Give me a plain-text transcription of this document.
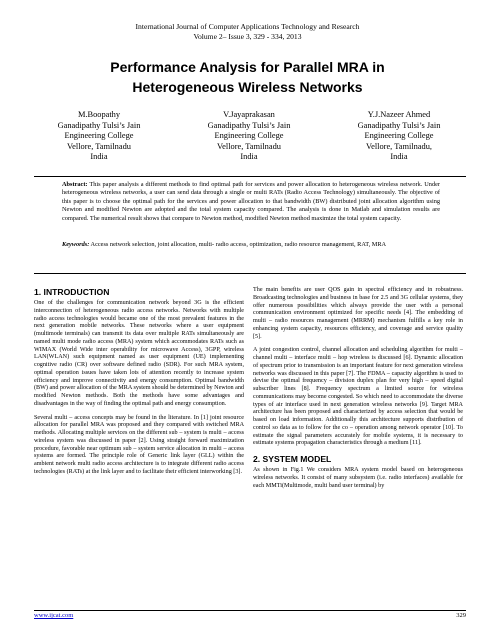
International Journal of Computer Applications Technology and Research
Volume 2– Issue 3, 329 - 334, 2013
Performance Analysis for Parallel MRA in
Heterogeneous Wireless Networks
M.Boopathy
Ganadipathy Tulsi’s Jain
Engineering College
Vellore, Tamilnadu
India
V.Jayaprakasan
Ganadipathy Tulsi’s Jain
Engineering College
Vellore, Tamilnadu
India
Y.J.Nazeer Ahmed
Ganadipathy Tulsi’s Jain
Engineering College
Vellore, Tamilnadu,
India
Abstract: This paper analysis a different methods to find optimal path for services and power allocation to heterogeneous wireless network. Under heterogeneous wireless networks, a user can send data through a single or multi RATs (Radio Access Technology) simultaneously. The objective of this paper is to choose the optimal path for the services and power allocation to that bandwidth (BW) distributed joint allocation algorithm using Newton and modified Newton are adopted and the total system capacity compared. The analysis is done in Matlab and simulation results are compared. The numerical result shows that compare to Newton method, modified Newton method maximize the total system capacity.
Keywords: Access network selection, joint allocation, multi- radio access, optimization, radio resource management, RAT, MRA
1. INTRODUCTION

One of the challenges for communication network beyond 3G is the efficient interconnection of heterogeneous radio access networks. Networks with multiple radio access technologies would became one of the most prevalent features in the next generation mobile networks. These networks where a user equipment (multimode terminals) can transmit its data over multiple RATs simultaneously are named multi mode radio access (MRA) system which accommodates RATs such as WIMAX (World Wide inter operability for microwave Access), 3GPP, wireless LAN(WLAN) such equipment named as user equipment (UE) implementing cognitive radio (CR) over software defined radio (SDR). For such MRA system, optimal operation issues have taken lots of attention recently to increase system efficiency and improve connectivity and energy consumption. Optimal bandwidth (BW) and power allocation of the MRA system should be determined by Newton and modified Newton methods. Both the methods have some advantages and disadvantages in the way of finding the optimal path and energy consumption.

Several multi – access concepts may be found in the literature. In [1] joint resource allocation for parallel MRA was proposed and they compared with switched MRA methods. Allocating multiple services on the different sub – system is multi – access wireless system was discussed in paper [2]. Using straight forward maximization procedure, favorable near optimum sub – system service allocation in multi – access systems are formed. The principle role of Generic link layer (GLL) within the ambient network multi radio access architecture is to integrate different radio access technologies (RATs) at the link layer and to facilitate their efficient interworking [3].

The main benefits are user QOS gain in spectral efficiency and in robustness. Broadcasting technologies and business in base for 2.5 and 3G cellular systems, they offer numerous possibilities which always provide the user with a personal communication environment optimized for specific needs [4]. The embedding of multi – radio resources management (MRRM) mechanism fulfills a key role in enhancing system capacity, resources efficiency, and coverage and service quality [5].

A joint congestion control, channel allocation and scheduling algorithm for multi – channel multi – interface multi – hop wireless is discussed [6]. Dynamic allocation of spectrum prior to transmission is an important feature for next generation wireless networks was discussed in this paper [7]. The FDMA – capacity algorithm is used to devise the optimal frequency – division duplex plan for very high – speed digital subscriber lines [8]. Frequency spectrum a limited source for wireless communications may become congested. So which need to accommodate the diverse types of air interface used in next generation wireless networks [9]. Target MRA architecture has been proposed and characterized by access selection that would be based on load information. Additionally this architecture supports distribution of control so data as to follow for the co – operation among network operator [10]. To estimate the signal parameters accurately for mobile systems, it is necessary to estimate systems propagation characteristics through a medium [11].

2. SYSTEM MODEL

As shown in Fig.1 We considers MRA system model based on heterogeneous wireless networks. It consist of many subsystem (i.e. radio interfaces) available for each MMTi(Multimode, multi band user terminal) by

www.ijcat.com	329
